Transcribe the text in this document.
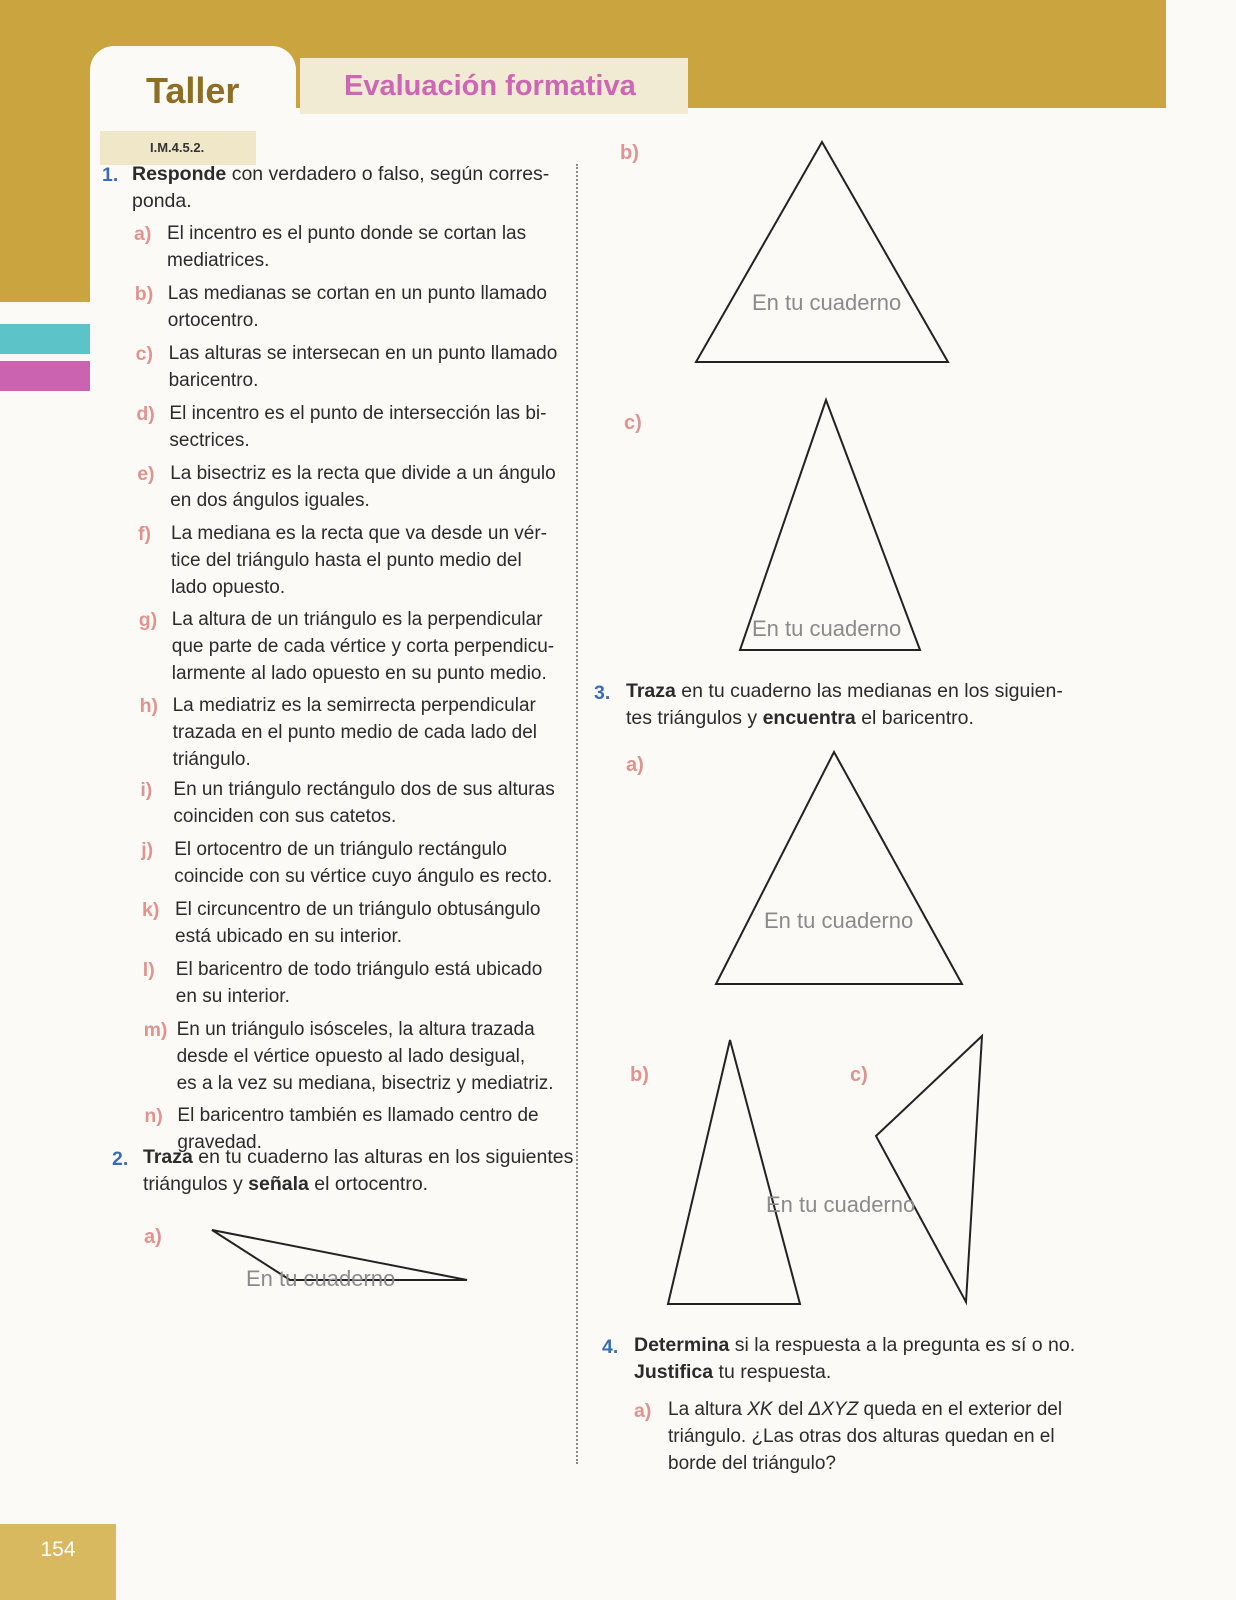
Taller	Evaluación formativa
I.M.4.5.2.
154
1. Responde con verdadero o falso, según corres-
ponda.
a) El incentro es el punto donde se cortan las
mediatrices.
b) Las medianas se cortan en un punto llamado
ortocentro.
c) Las alturas se intersecan en un punto llamado
baricentro.
d) El incentro es el punto de intersección las bi-
sectrices.
e) La bisectriz es la recta que divide a un ángulo
en dos ángulos iguales.
f) La mediana es la recta que va desde un vér-
tice del triángulo hasta el punto medio del
lado opuesto.
g) La altura de un triángulo es la perpendicular
que parte de cada vértice y corta perpendicu-
larmente al lado opuesto en su punto medio.
h) La mediatriz es la semirrecta perpendicular
trazada en el punto medio de cada lado del
triángulo.
i) En un triángulo rectángulo dos de sus alturas
coinciden con sus catetos.
j) El ortocentro de un triángulo rectángulo
coincide con su vértice cuyo ángulo es recto.
k) El circuncentro de un triángulo obtusángulo
está ubicado en su interior.
l) El baricentro de todo triángulo está ubicado
en su interior.
m) En un triángulo isósceles, la altura trazada
desde el vértice opuesto al lado desigual,
es a la vez su mediana, bisectriz y mediatriz.
n) El baricentro también es llamado centro de
gravedad.
2. Traza en tu cuaderno las alturas en los siguientes
triángulos y señala el ortocentro.
a)
En tu cuaderno
En tu cuaderno
En tu cuaderno
En tu cuaderno
En tu cuaderno
b)
c)
3. Traza en tu cuaderno las medianas en los siguien-
tes triángulos y encuentra el baricentro.
a)
b)	c)
4. Determina si la respuesta a la pregunta es sí o no.
Justifica tu respuesta.
a) La altura XK del ΔXYZ queda en el exterior del
triángulo. ¿Las otras dos alturas quedan en el
borde del triángulo?
